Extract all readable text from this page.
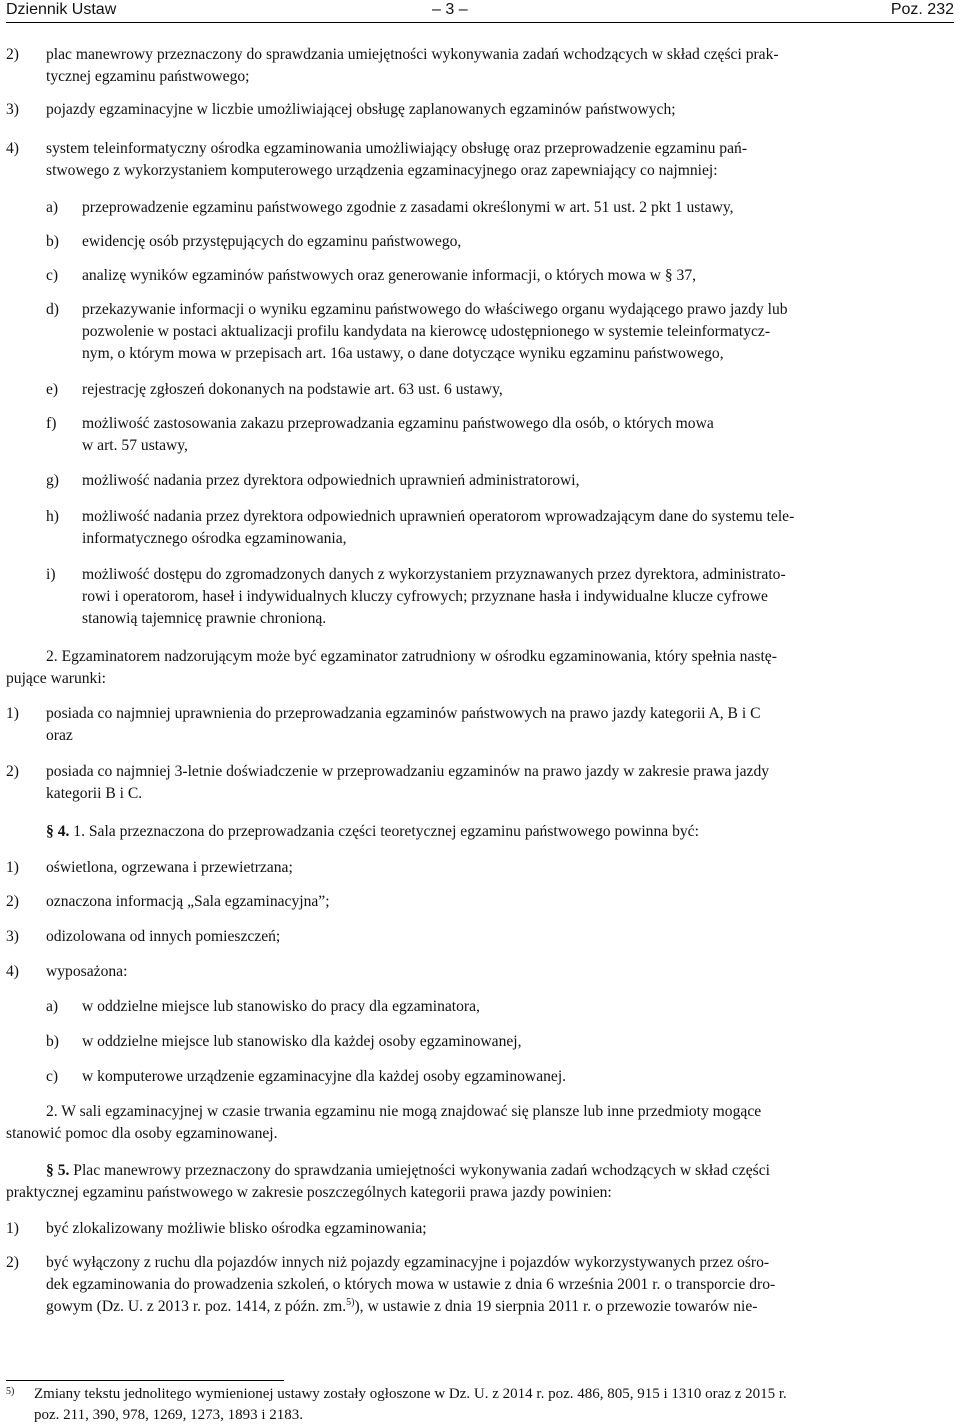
Dziennik Ustaw	– 3 –	Poz. 232
2) plac manewrowy przeznaczony do sprawdzania umiejętności wykonywania zadań wchodzących w skład części prak-
tycznej egzaminu państwowego;
3) pojazdy egzaminacyjne w liczbie umożliwiającej obsługę zaplanowanych egzaminów państwowych;
4) system teleinformatyczny ośrodka egzaminowania umożliwiający obsługę oraz przeprowadzenie egzaminu pań-
stwowego z wykorzystaniem komputerowego urządzenia egzaminacyjnego oraz zapewniający co najmniej:
a) przeprowadzenie egzaminu państwowego zgodnie z zasadami określonymi w art. 51 ust. 2 pkt 1 ustawy,
b) ewidencję osób przystępujących do egzaminu państwowego,
c) analizę wyników egzaminów państwowych oraz generowanie informacji, o których mowa w § 37,
d) przekazywanie informacji o wyniku egzaminu państwowego do właściwego organu wydającego prawo jazdy lub
pozwolenie w postaci aktualizacji profilu kandydata na kierowcę udostępnionego w systemie teleinformatycz-
nym, o którym mowa w przepisach art. 16a ustawy, o dane dotyczące wyniku egzaminu państwowego,
e) rejestrację zgłoszeń dokonanych na podstawie art. 63 ust. 6 ustawy,
f) możliwość zastosowania zakazu przeprowadzania egzaminu państwowego dla osób, o których mowa
w art. 57 ustawy,
g) możliwość nadania przez dyrektora odpowiednich uprawnień administratorowi,
h) możliwość nadania przez dyrektora odpowiednich uprawnień operatorom wprowadzającym dane do systemu tele-
informatycznego ośrodka egzaminowania,
i) możliwość dostępu do zgromadzonych danych z wykorzystaniem przyznawanych przez dyrektora, administrato-
rowi i operatorom, haseł i indywidualnych kluczy cyfrowych; przyznane hasła i indywidualne klucze cyfrowe
stanowią tajemnicę prawnie chronioną.
2. Egzaminatorem nadzorującym może być egzaminator zatrudniony w ośrodku egzaminowania, który spełnia nastę-
pujące warunki:
1) posiada co najmniej uprawnienia do przeprowadzania egzaminów państwowych na prawo jazdy kategorii A, B i C
oraz
2) posiada co najmniej 3-letnie doświadczenie w przeprowadzaniu egzaminów na prawo jazdy w zakresie prawa jazdy
kategorii B i C.
§ 4. 1. Sala przeznaczona do przeprowadzania części teoretycznej egzaminu państwowego powinna być:
1) oświetlona, ogrzewana i przewietrzana;
2) oznaczona informacją „Sala egzaminacyjna”;
3) odizolowana od innych pomieszczeń;
4) wyposażona:
a) w oddzielne miejsce lub stanowisko do pracy dla egzaminatora,
b) w oddzielne miejsce lub stanowisko dla każdej osoby egzaminowanej,
c) w komputerowe urządzenie egzaminacyjne dla każdej osoby egzaminowanej.
2. W sali egzaminacyjnej w czasie trwania egzaminu nie mogą znajdować się plansze lub inne przedmioty mogące
stanowić pomoc dla osoby egzaminowanej.
§ 5. Plac manewrowy przeznaczony do sprawdzania umiejętności wykonywania zadań wchodzących w skład części
praktycznej egzaminu państwowego w zakresie poszczególnych kategorii prawa jazdy powinien:
1) być zlokalizowany możliwie blisko ośrodka egzaminowania;
2) być wyłączony z ruchu dla pojazdów innych niż pojazdy egzaminacyjne i pojazdów wykorzystywanych przez ośro-
dek egzaminowania do prowadzenia szkoleń, o których mowa w ustawie z dnia 6 września 2001 r. o transporcie dro-
gowym (Dz. U. z 2013 r. poz. 1414, z późn. zm.$^{5)}$), w ustawie z dnia 19 sierpnia 2011 r. o przewozie towarów nie-
5) Zmiany tekstu jednolitego wymienionej ustawy zostały ogłoszone w Dz. U. z 2014 r. poz. 486, 805, 915 i 1310 oraz z 2015 r.
poz. 211, 390, 978, 1269, 1273, 1893 i 2183.
